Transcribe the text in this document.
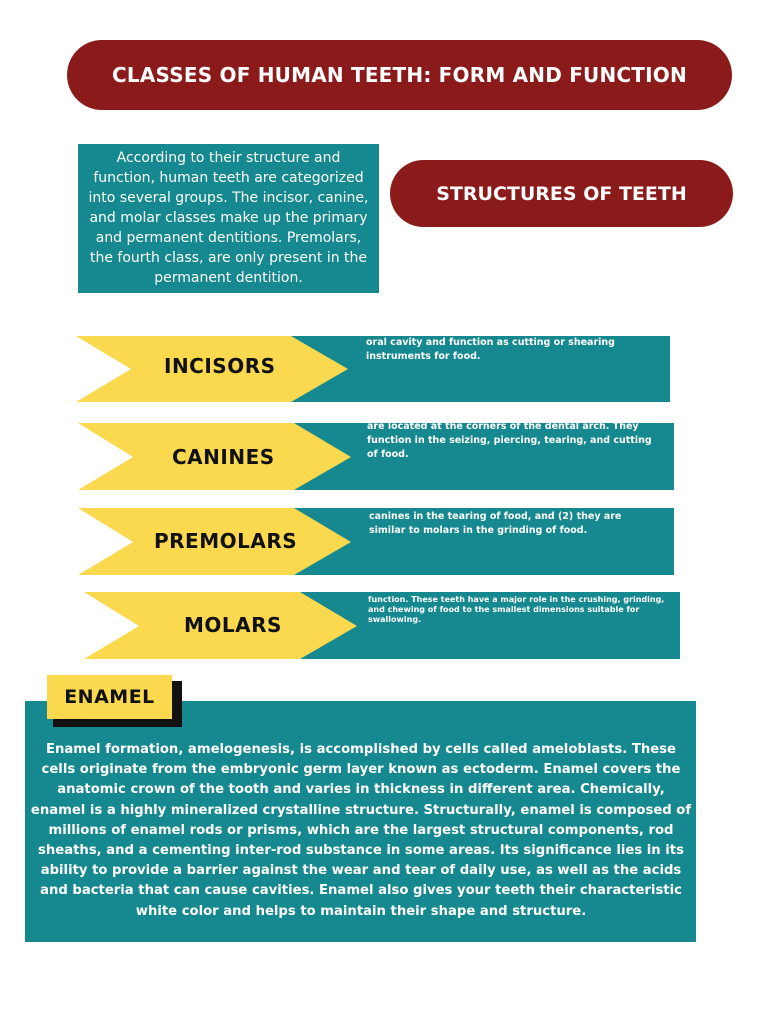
CLASSES OF HUMAN TEETH: FORM AND FUNCTION
According to their structure and function, human teeth are categorized into several groups. The incisor, canine, and molar classes make up the primary and permanent dentitions. Premolars, the fourth class, are only present in the permanent dentition.
STRUCTURES OF TEETH
oral cavity and function as cutting or shearing instruments for food.
INCISORS
are located at the corners of the dental arch. They function in the seizing, piercing, tearing, and cutting of food.
CANINES
canines in the tearing of food, and (2) they are similar to molars in the grinding of food.
PREMOLARS
function. These teeth have a major role in the crushing, grinding, and chewing of food to the smallest dimensions suitable for swallowing.
MOLARS
ENAMEL
Enamel formation, amelogenesis, is accomplished by cells called ameloblasts. These cells originate from the embryonic germ layer known as ectoderm. Enamel covers the anatomic crown of the tooth and varies in thickness in different area. Chemically, enamel is a highly mineralized crystalline structure. Structurally, enamel is composed of millions of enamel rods or prisms, which are the largest structural components, rod sheaths, and a cementing inter-rod substance in some areas. Its significance lies in its ability to provide a barrier against the wear and tear of daily use, as well as the acids and bacteria that can cause cavities. Enamel also gives your teeth their characteristic white color and helps to maintain their shape and structure.
